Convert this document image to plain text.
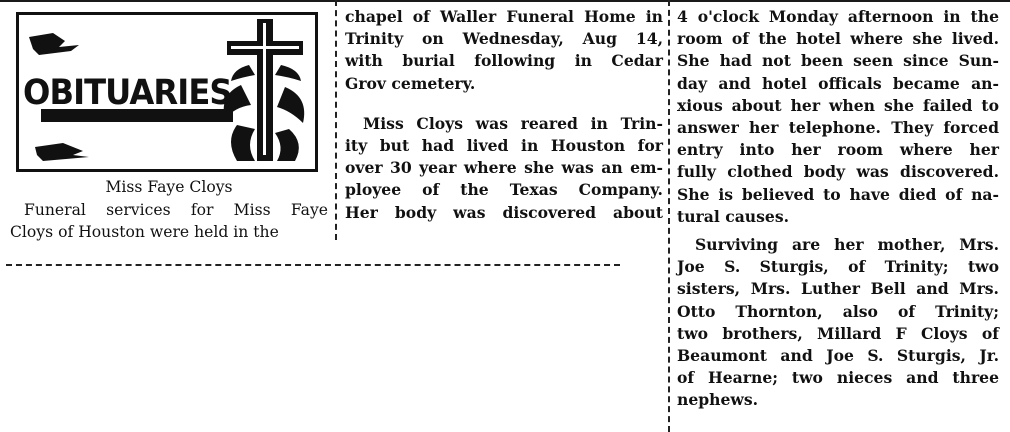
OBITUARIES
Miss Faye Cloys
Funeral services for Miss Faye
Cloys of Houston were held in the
chapel of Waller Funeral Home in
Trinity on Wednesday, Aug 14,
with burial following in Cedar
Grov cemetery.
Miss Cloys was reared in Trin-
ity but had lived in Houston for
over 30 year where she was an em-
ployee of the Texas Company.
Her body was discovered about
4 o'clock Monday afternoon in the
room of the hotel where she lived.
She had not been seen since Sun-
day and hotel officals became an-
xious about her when she failed to
answer her telephone. They forced
entry into her room where her
fully clothed body was discovered.
She is believed to have died of na-
tural causes.
Surviving are her mother, Mrs.
Joe S. Sturgis, of Trinity; two
sisters, Mrs. Luther Bell and Mrs.
Otto Thornton, also of Trinity;
two brothers, Millard F Cloys of
Beaumont and Joe S. Sturgis, Jr.
of Hearne; two nieces and three
nephews.
